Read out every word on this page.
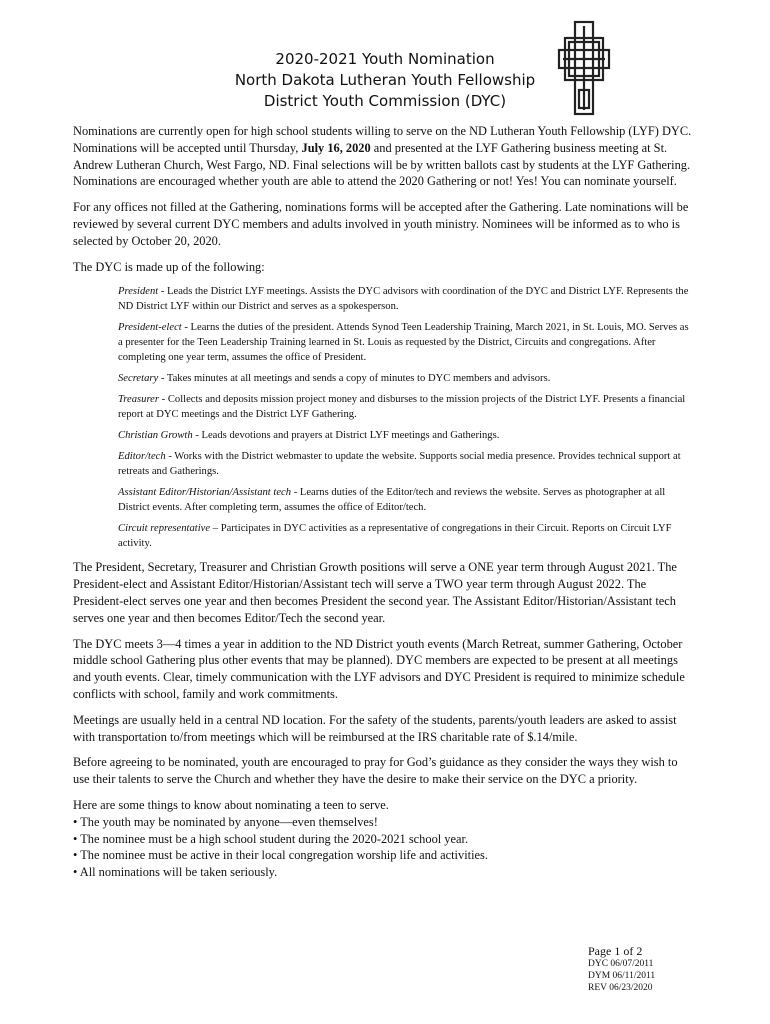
2020-2021 Youth Nomination
North Dakota Lutheran Youth Fellowship
District Youth Commission (DYC)

Nominations are currently open for high school students willing to serve on the ND Lutheran Youth Fellowship (LYF) DYC. Nominations will be accepted until Thursday, July 16, 2020 and presented at the LYF Gathering business meeting at St. Andrew Lutheran Church, West Fargo, ND. Final selections will be by written ballots cast by students at the LYF Gathering. Nominations are encouraged whether youth are able to attend the 2020 Gathering or not! Yes! You can nominate yourself.

For any offices not filled at the Gathering, nominations forms will be accepted after the Gathering. Late nominations will be reviewed by several current DYC members and adults involved in youth ministry. Nominees will be informed as to who is selected by October 20, 2020.

The DYC is made up of the following:

President - Leads the District LYF meetings. Assists the DYC advisors with coordination of the DYC and District LYF. Represents the ND District LYF within our District and serves as a spokesperson.
President-elect - Learns the duties of the president. Attends Synod Teen Leadership Training, March 2021, in St. Louis, MO. Serves as a presenter for the Teen Leadership Training learned in St. Louis as requested by the District, Circuits and congregations. After completing one year term, assumes the office of President.
Secretary - Takes minutes at all meetings and sends a copy of minutes to DYC members and advisors.
Treasurer - Collects and deposits mission project money and disburses to the mission projects of the District LYF. Presents a financial report at DYC meetings and the District LYF Gathering.
Christian Growth - Leads devotions and prayers at District LYF meetings and Gatherings.
Editor/tech - Works with the District webmaster to update the website. Supports social media presence. Provides technical support at retreats and Gatherings.
Assistant Editor/Historian/Assistant tech - Learns duties of the Editor/tech and reviews the website. Serves as photographer at all District events. After completing term, assumes the office of Editor/tech.
Circuit representative – Participates in DYC activities as a representative of congregations in their Circuit. Reports on Circuit LYF activity.

The President, Secretary, Treasurer and Christian Growth positions will serve a ONE year term through August 2021. The President-elect and Assistant Editor/Historian/Assistant tech will serve a TWO year term through August 2022. The President-elect serves one year and then becomes President the second year. The Assistant Editor/Historian/Assistant tech serves one year and then becomes Editor/Tech the second year.

The DYC meets 3—4 times a year in addition to the ND District youth events (March Retreat, summer Gathering, October middle school Gathering plus other events that may be planned). DYC members are expected to be present at all meetings and youth events. Clear, timely communication with the LYF advisors and DYC President is required to minimize schedule conflicts with school, family and work commitments.

Meetings are usually held in a central ND location. For the safety of the students, parents/youth leaders are asked to assist with transportation to/from meetings which will be reimbursed at the IRS charitable rate of $.14/mile.

Before agreeing to be nominated, youth are encouraged to pray for God’s guidance as they consider the ways they wish to use their talents to serve the Church and whether they have the desire to make their service on the DYC a priority.

Here are some things to know about nominating a teen to serve.
• The youth may be nominated by anyone—even themselves!
• The nominee must be a high school student during the 2020-2021 school year.
• The nominee must be active in their local congregation worship life and activities.
• All nominations will be taken seriously.
Page 1 of 2
DYC 06/07/2011
DYM 06/11/2011
REV 06/23/2020
